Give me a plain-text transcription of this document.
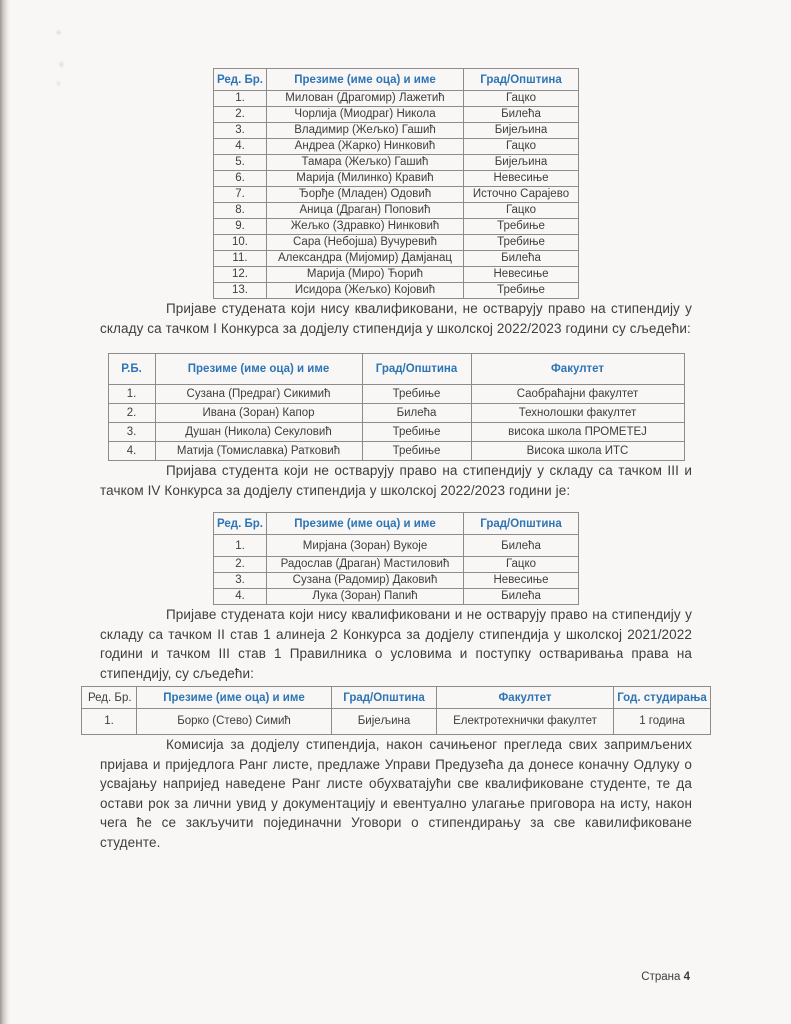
Ред. Бр.	Презиме (име оца) и име	Град/Општина
1.	Милован (Драгомир) Лажетић	Гацко
2.	Чорлија (Миодраг) Никола	Билећа
3.	Владимир (Жељко) Гашић	Бијељина
4.	Андреа (Жарко) Нинковић	Гацко
5.	Тамара (Жељко) Гашић	Бијељина
6.	Марија (Милинко) Кравић	Невесиње
7.	Ђорђе (Младен) Одовић	Источно Сарајево
8.	Аница (Драган) Поповић	Гацко
9.	Жељко (Здравко) Нинковић	Требиње
10.	Сара (Небојша) Вучуревић	Требиње
11.	Александра (Мијомир) Дамјанац	Билећа
12.	Марија (Миро) Ћорић	Невесиње
13.	Исидора (Жељко) Којовић	Требиње

Пријаве студената који нису квалификовани, не остварују право на стипендију у складу са тачком I Конкурса за додјелу стипендија у школској 2022/2023 години су сљедећи:

Р.Б.	Презиме (име оца) и име	Град/Општина	Факултет
1.	Сузана (Предраг) Сикимић	Требиње	Саобраћајни факултет
2.	Ивана (Зоран) Капор	Билећа	Технолошки факултет
3.	Душан (Никола) Секуловић	Требиње	висока школа ПРОМЕТЕЈ
4.	Матија (Томиславка) Ратковић	Требиње	Висока школа ИТС

Пријава студента који не остварују право на стипендију у складу са тачком III и тачком IV Конкурса за додјелу стипендија у школској 2022/2023 години је:

Ред. Бр.	Презиме (име оца) и име	Град/Општина
1.	Мирјана (Зоран) Вукоје	Билећа
2.	Радослав (Драган) Мастиловић	Гацко
3.	Сузана (Радомир) Даковић	Невесиње
4.	Лука (Зоран) Папић	Билећа

Пријаве студената који нису квалификовани и не остварују право на стипендију у складу са тачком II став 1 алинеја 2 Конкурса за додјелу стипендија у школској 2021/2022 години и тачком III став 1 Правилника о условима и поступку остваривања права на стипендију, су сљедећи:

Ред. Бр.	Презиме (име оца) и име	Град/Општина	Факултет	Год. студирања
1.	Борко (Стево) Симић	Бијељина	Електротехнички факултет	1 година

Комисија за додјелу стипендија, након сачињеног прегледа свих запримљених пријава и приједлога Ранг листе, предлаже Управи Предузећа да донесе коначну Одлуку о усвајању напријед наведене Ранг листе обухватајући све квалификоване студенте, те да остави рок за лични увид у документацију и евентуално улагање приговора на исту, након чега ће се закључити појединачни Уговори о стипендирању за све кавилификоване студенте.

Страна 4
